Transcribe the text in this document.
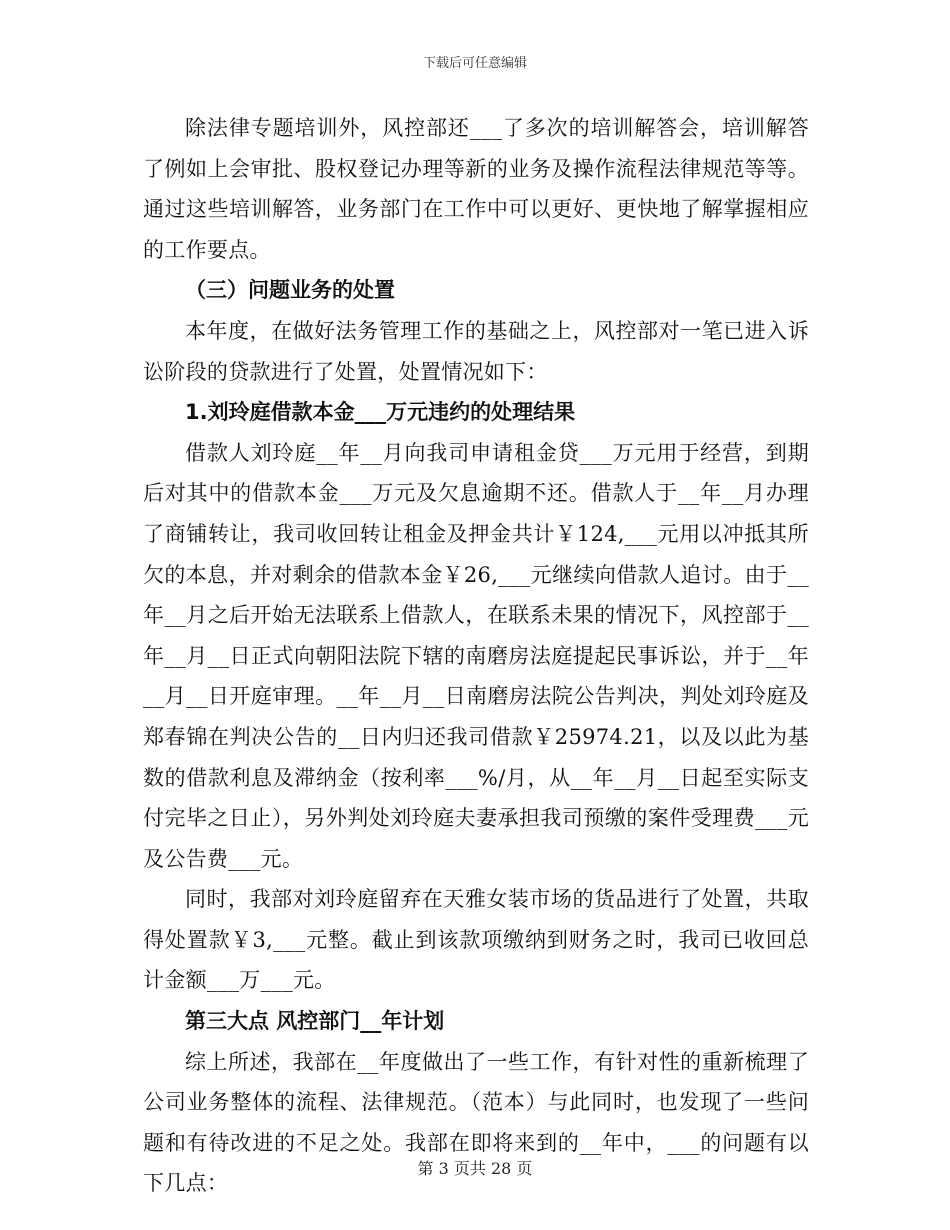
下载后可任意编辑

除法律专题培训外，风控部还___了多次的培训解答会，培训解答了例如上会审批、股权登记办理等新的业务及操作流程法律规范等等。通过这些培训解答，业务部门在工作中可以更好、更快地了解掌握相应的工作要点。

（三）问题业务的处置

本年度，在做好法务管理工作的基础之上，风控部对一笔已进入诉讼阶段的贷款进行了处置，处置情况如下：

1.刘玲庭借款本金___万元违约的处理结果

借款人刘玲庭__年__月向我司申请租金贷___万元用于经营，到期后对其中的借款本金___万元及欠息逾期不还。借款人于__年__月办理了商铺转让，我司收回转让租金及押金共计￥124,___元用以冲抵其所欠的本息，并对剩余的借款本金￥26,___元继续向借款人追讨。由于__年__月之后开始无法联系上借款人，在联系未果的情况下，风控部于__年__月__日正式向朝阳法院下辖的南磨房法庭提起民事诉讼，并于__年__月__日开庭审理。__年__月__日南磨房法院公告判决，判处刘玲庭及郑春锦在判决公告的__日内归还我司借款￥25974.21，以及以此为基数的借款利息及滞纳金（按利率___%/月，从__年__月__日起至实际支付完毕之日止），另外判处刘玲庭夫妻承担我司预缴的案件受理费___元及公告费___元。

同时，我部对刘玲庭留弃在天雅女装市场的货品进行了处置，共取得处置款￥3,___元整。截止到该款项缴纳到财务之时，我司已收回总计金额___万___元。

第三大点 风控部门__年计划

综上所述，我部在__年度做出了一些工作，有针对性的重新梳理了公司业务整体的流程、法律规范。（范本）与此同时，也发现了一些问题和有待改进的不足之处。我部在即将来到的__年中，___的问题有以下几点：

第 3 页共 28 页
